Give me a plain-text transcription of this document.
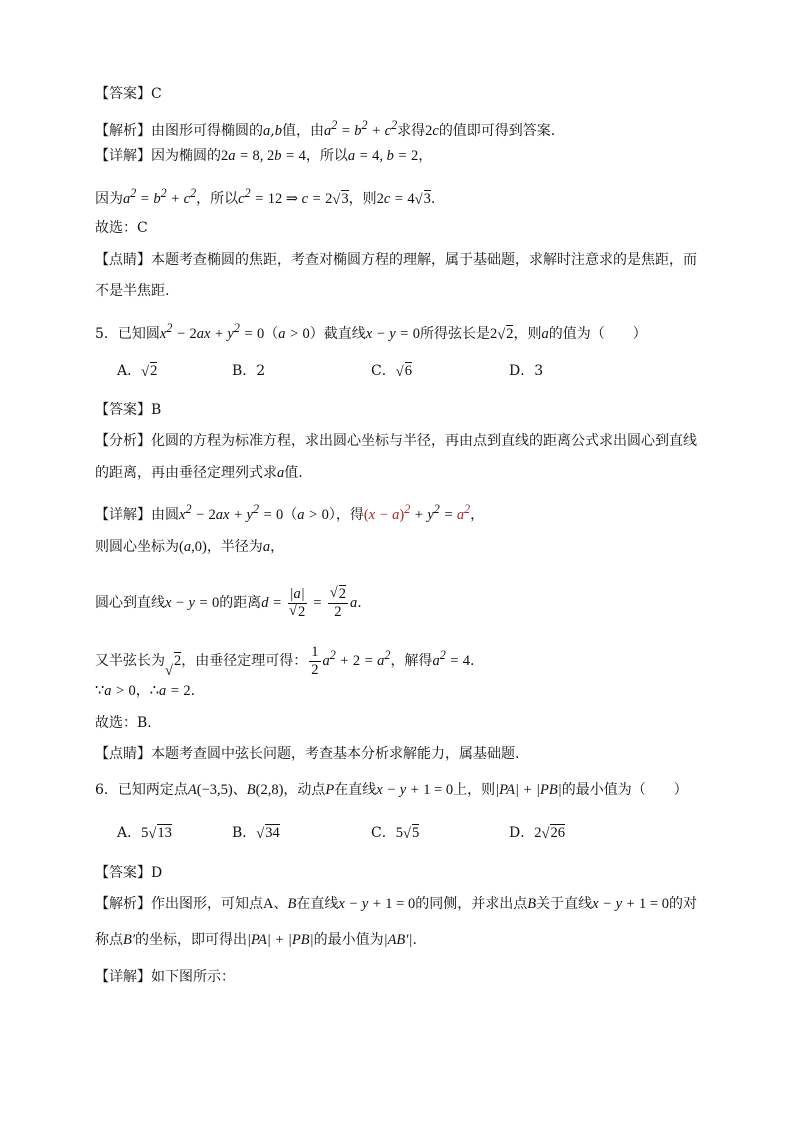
【答案】C
【解析】由图形可得椭圆的a,b值，由$a^2 = b^2 + c^2$求得2c的值即可得到答案.
【详解】因为椭圆的2a = 8, 2b = 4，所以a = 4, b = 2，
因为$a^2 = b^2 + c^2$，所以$c^2 = 12$ ⇒ c = 2 √ 3，则2c = 4 √ 3.
故选：C
【点睛】本题考查椭圆的焦距，考查对椭圆方程的理解，属于基础题，求解时注意求的是焦距，而
不是半焦距.
5．已知圆$x^2 - 2ax + y^2 = 0(a > 0)$截直线x − y = 0所得弦长是2 √ 2，则a的值为（　　）
A． √ 2	B．2	C． √ 6	D．3
【答案】B
【分析】化圆的方程为标准方程，求出圆心坐标与半径，再由点到直线的距离公式求出圆心到直线
的距离，再由垂径定理列式求a值.
【详解】由圆$x^2 - 2ax + y^2 = 0(a > 0)$，得$(x - a)^2 + y^2 = a^2$，
则圆心坐标为(a,0)，半径为a，
圆心到直线x − y = 0的距离d = |a|
√ 2 = √ $\frac{2}{2} a$.
又半弦长为 √ 2，由垂径定理可得： $\frac{1}{2} a^2 + 2 = a^2$，解得$a^2 = 4$.
∵a > 0，∴a = 2.
故选：B.
【点睛】本题考查圆中弦长问题，考查基本分析求解能力，属基础题.
6．已知两定点A(−3,5)、B(2,8)，动点P在直线x − y + 1 = 0上，则|PA| + |PB|的最小值为（　　）
A．5 √ 13	B． √ 34	C．5 √ 5	D．2 √ 26
【答案】D
【解析】作出图形，可知点A、B在直线x − y + 1 = 0的同侧，并求出点B关于直线x − y + 1 = 0的对
称点B′的坐标，即可得出|PA| + |PB|的最小值为|AB′|.
【详解】如下图所示：
